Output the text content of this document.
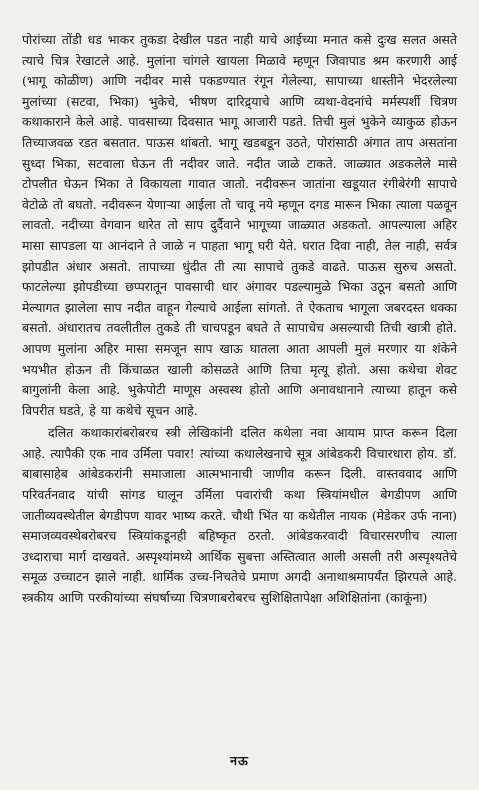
पोरांच्या तोंडी धड भाकर तुकडा देखील पडत नाही याचे आईच्या मनात कसे दुःख सलत असते त्याचे चित्र रेखाटले आहे. मुलांना चांगले खायला मिळावे म्हणून जिवापाड श्रम करणारी आई (भागू कोळीण) आणि नदीवर मासे पकडण्यात रंगून गेलेल्या, सापाच्या धास्तीने भेदरलेल्या मुलांच्या (सटवा, भिका) भुकेचे, भीषण दारिद्र्याचे आणि व्यथा-वेदनांचे मर्मस्पर्शी चित्रण कथाकाराने केले आहे. पावसाच्या दिवसात भागू आजारी पडते. तिची मुलं भुकेने व्याकुळ होऊन तिच्याजवळ रडत बसतात. पाऊस थांबतो. भागू खडबडून उठते, पोरांसाठी अंगात ताप असतांना सुध्दा भिका, सटवाला घेऊन ती नदीवर जाते. नदीत जाळे टाकते. जाळ्यात अडकलेले मासे टोपलीत घेऊन भिका ते विकायला गावात जातो. नदीवरून जातांना खडूयात रंगीबेरंगी सापाचे वेटोळे तो बघतो. नदीवरून येणाऱ्या आईला तो चावू नये म्हणून दगड मारून भिका त्याला पळवून लावतो. नदीच्या वेगवान धारेत तो साप दुर्दैवाने भागूच्या जाळ्यात अडकतो. आपल्याला अहिर मासा सापडला या आनंदाने ते जाळे न पाहता भागू घरी येते. घरात दिवा नाही, तेल नाही, सर्वत्र झोपडीत अंधार असतो. तापाच्या धुंदीत ती त्या सापाचे तुकडे वाढते. पाऊस सुरुच असतो. फाटलेल्या झोपडीच्या छप्परातून पावसाची धार अंगावर पडल्यामुळे भिका उठून बसतो आणि मेल्यागत झालेला साप नदीत वाहून गेल्याचे आईला सांगतो. ते ऐकताच भागूला जबरदस्त धक्का बसतो. अंधारातच तवलीतील तुकडे ती चाचपडून बघते ते सापाचेच असल्याची तिची खात्री होते. आपण मुलांना अहिर मासा समजून साप खाऊ घातला आता आपली मुलं मरणार या शंकेने भयभीत होऊन ती किंचाळत खाली कोसळते आणि तिचा मृत्यू होतो. असा कथेचा शेवट बागुलांनी केला आहे. भुकेपोटी माणूस अस्वस्थ होतो आणि अनावधानाने त्याच्या हातून कसे विपरीत घडते, हे या कथेचे सूचन आहे.

दलित कथाकारांबरोबरच स्त्री लेखिकांनी दलित कथेला नवा आयाम प्राप्त करून दिला आहे. त्यापैकी एक नाव उर्मिला पवार! त्यांच्या कथालेखनाचे सूत्र आंबेडकरी विचारधारा होय. डॉ. बाबासाहेब आंबेडकरांनी समाजाला आत्मभानाची जाणीव करून दिली. वास्तववाद आणि परिवर्तनवाद यांची सांगड घालून उर्मिला पवारांची कथा स्त्रियांमधील बेगडीपण आणि जातीव्यवस्थेतील बेगडीपण यावर भाष्य करते. चौथी भिंत या कथेतील नायक (मेडेकर उर्फ नाना) समाजव्यवस्थेबरोबरच स्त्रियांकडूनही बहिष्कृत ठरतो. आंबेडकरवादी विचारसरणीच त्याला उध्दाराचा मार्ग दाखवते. अस्पृश्यांमध्ये आर्थिक सुबत्ता अस्तित्वात आली असली तरी अस्पृश्यतेचे समूळ उच्चाटन झाले नाही. धार्मिक उच्च-निचतेचे प्रमाण अगदी अनाथाश्रमापर्यंत झिरपले आहे. स्त्रकीय आणि परकीयांच्या संघर्षाच्या चित्रणाबरोबरच सुशिक्षितापेक्षा अशिक्षितांना (काकूंना)

नऊ
